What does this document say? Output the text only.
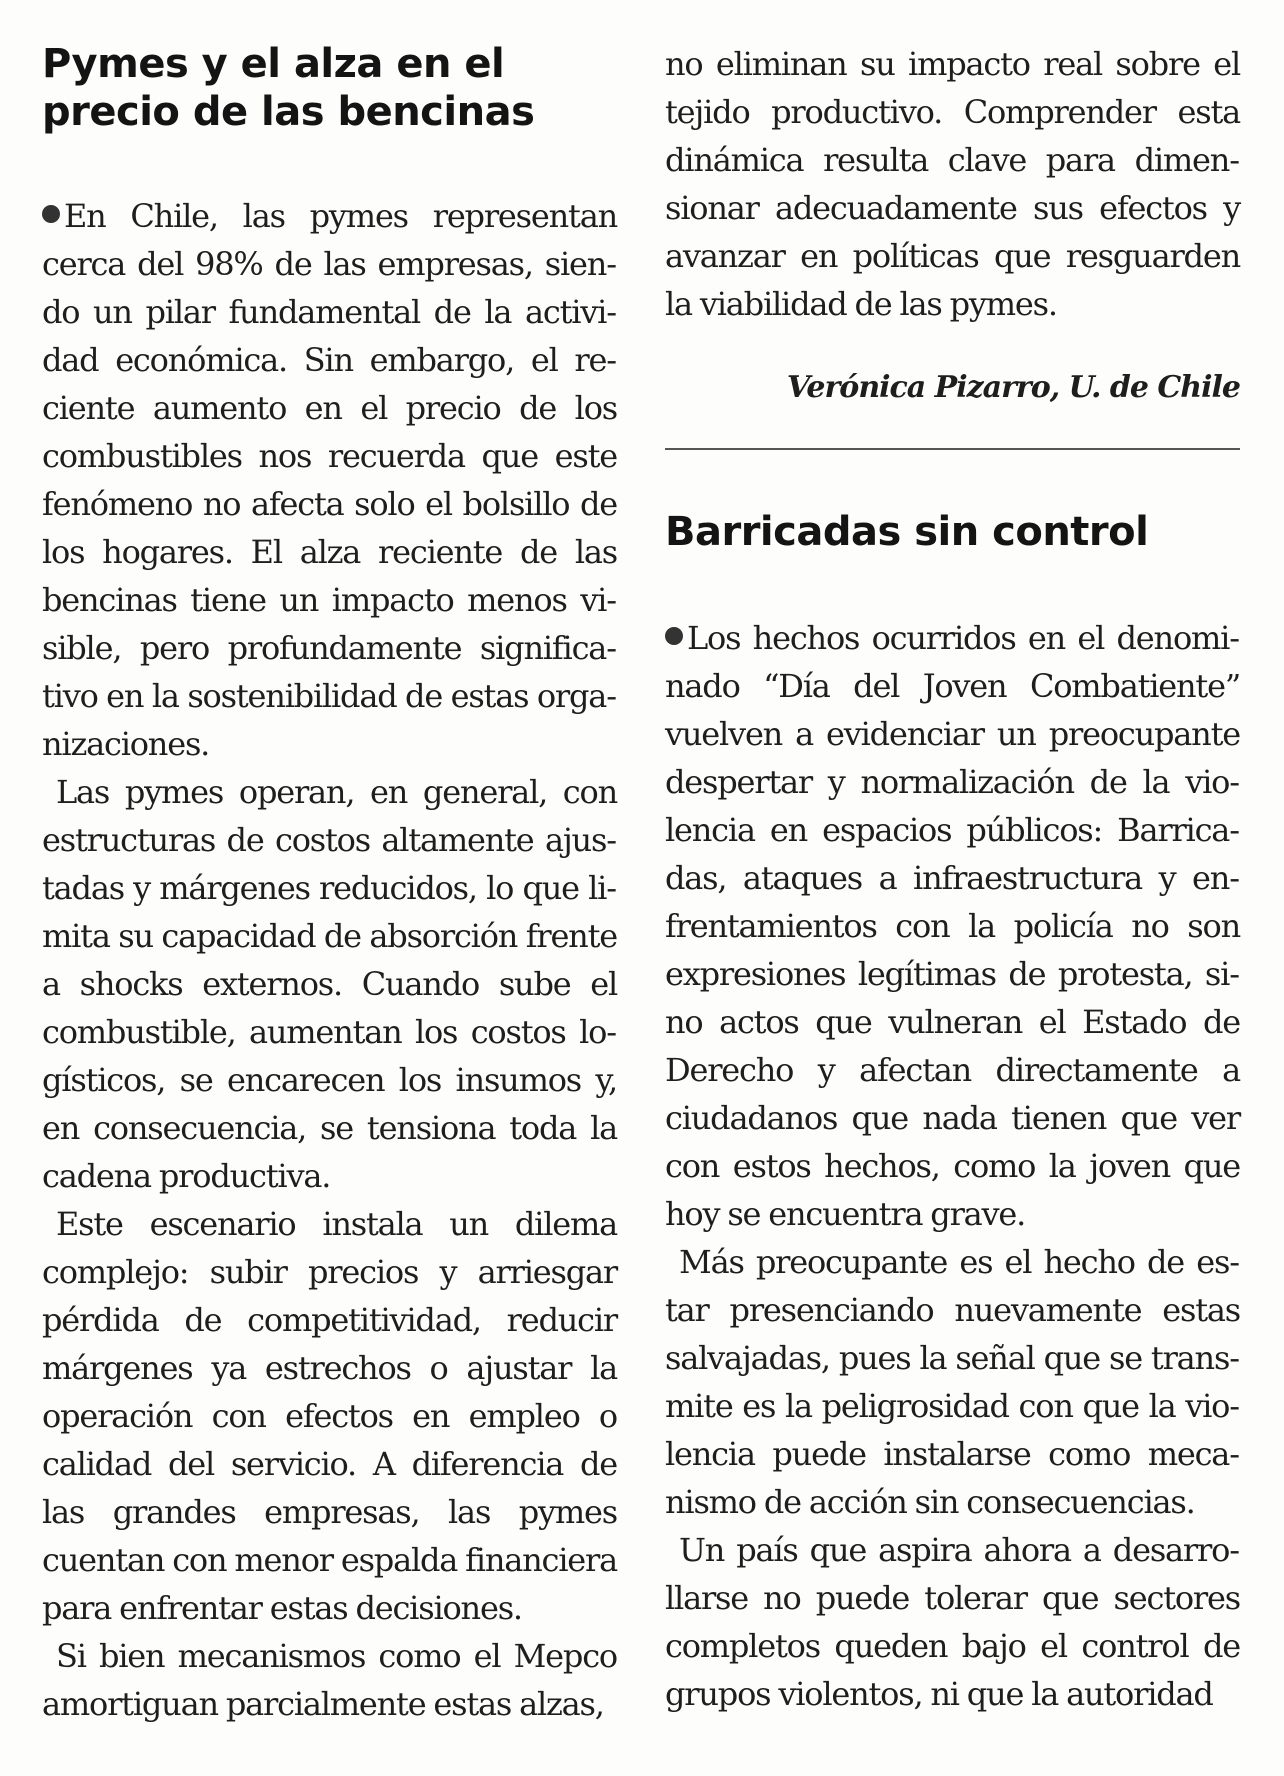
Pymes y el alza en el precio de las bencinas

En Chile, las pymes representan cerca del 98% de las empresas, siendo un pilar fundamental de la actividad económica. Sin embargo, el reciente aumento en el precio de los combustibles nos recuerda que este fenómeno no afecta solo el bolsillo de los hogares. El alza reciente de las bencinas tiene un impacto menos visible, pero profundamente significativo en la sostenibilidad de estas organizaciones.

Las pymes operan, en general, con estructuras de costos altamente ajustadas y márgenes reducidos, lo que limita su capacidad de absorción frente a shocks externos. Cuando sube el combustible, aumentan los costos logísticos, se encarecen los insumos y, en consecuencia, se tensiona toda la cadena productiva.

Este escenario instala un dilema complejo: subir precios y arriesgar pérdida de competitividad, reducir márgenes ya estrechos o ajustar la operación con efectos en empleo o calidad del servicio. A diferencia de las grandes empresas, las pymes cuentan con menor espalda financiera para enfrentar estas decisiones.

Si bien mecanismos como el Mepco amortiguan parcialmente estas alzas,

no eliminan su impacto real sobre el tejido productivo. Comprender esta dinámica resulta clave para dimensionar adecuadamente sus efectos y avanzar en políticas que resguarden la viabilidad de las pymes.

Verónica Pizarro, U. de Chile
Barricadas sin control

Los hechos ocurridos en el denominado “Día del Joven Combatiente” vuelven a evidenciar un preocupante despertar y normalización de la violencia en espacios públicos: Barricadas, ataques a infraestructura y enfrentamientos con la policía no son expresiones legítimas de protesta, sino actos que vulneran el Estado de Derecho y afectan directamente a ciudadanos que nada tienen que ver con estos hechos, como la joven que hoy se encuentra grave.

Más preocupante es el hecho de estar presenciando nuevamente estas salvajadas, pues la señal que se transmite es la peligrosidad con que la violencia puede instalarse como mecanismo de acción sin consecuencias.

Un país que aspira ahora a desarrollarse no puede tolerar que sectores completos queden bajo el control de grupos violentos, ni que la autoridad
